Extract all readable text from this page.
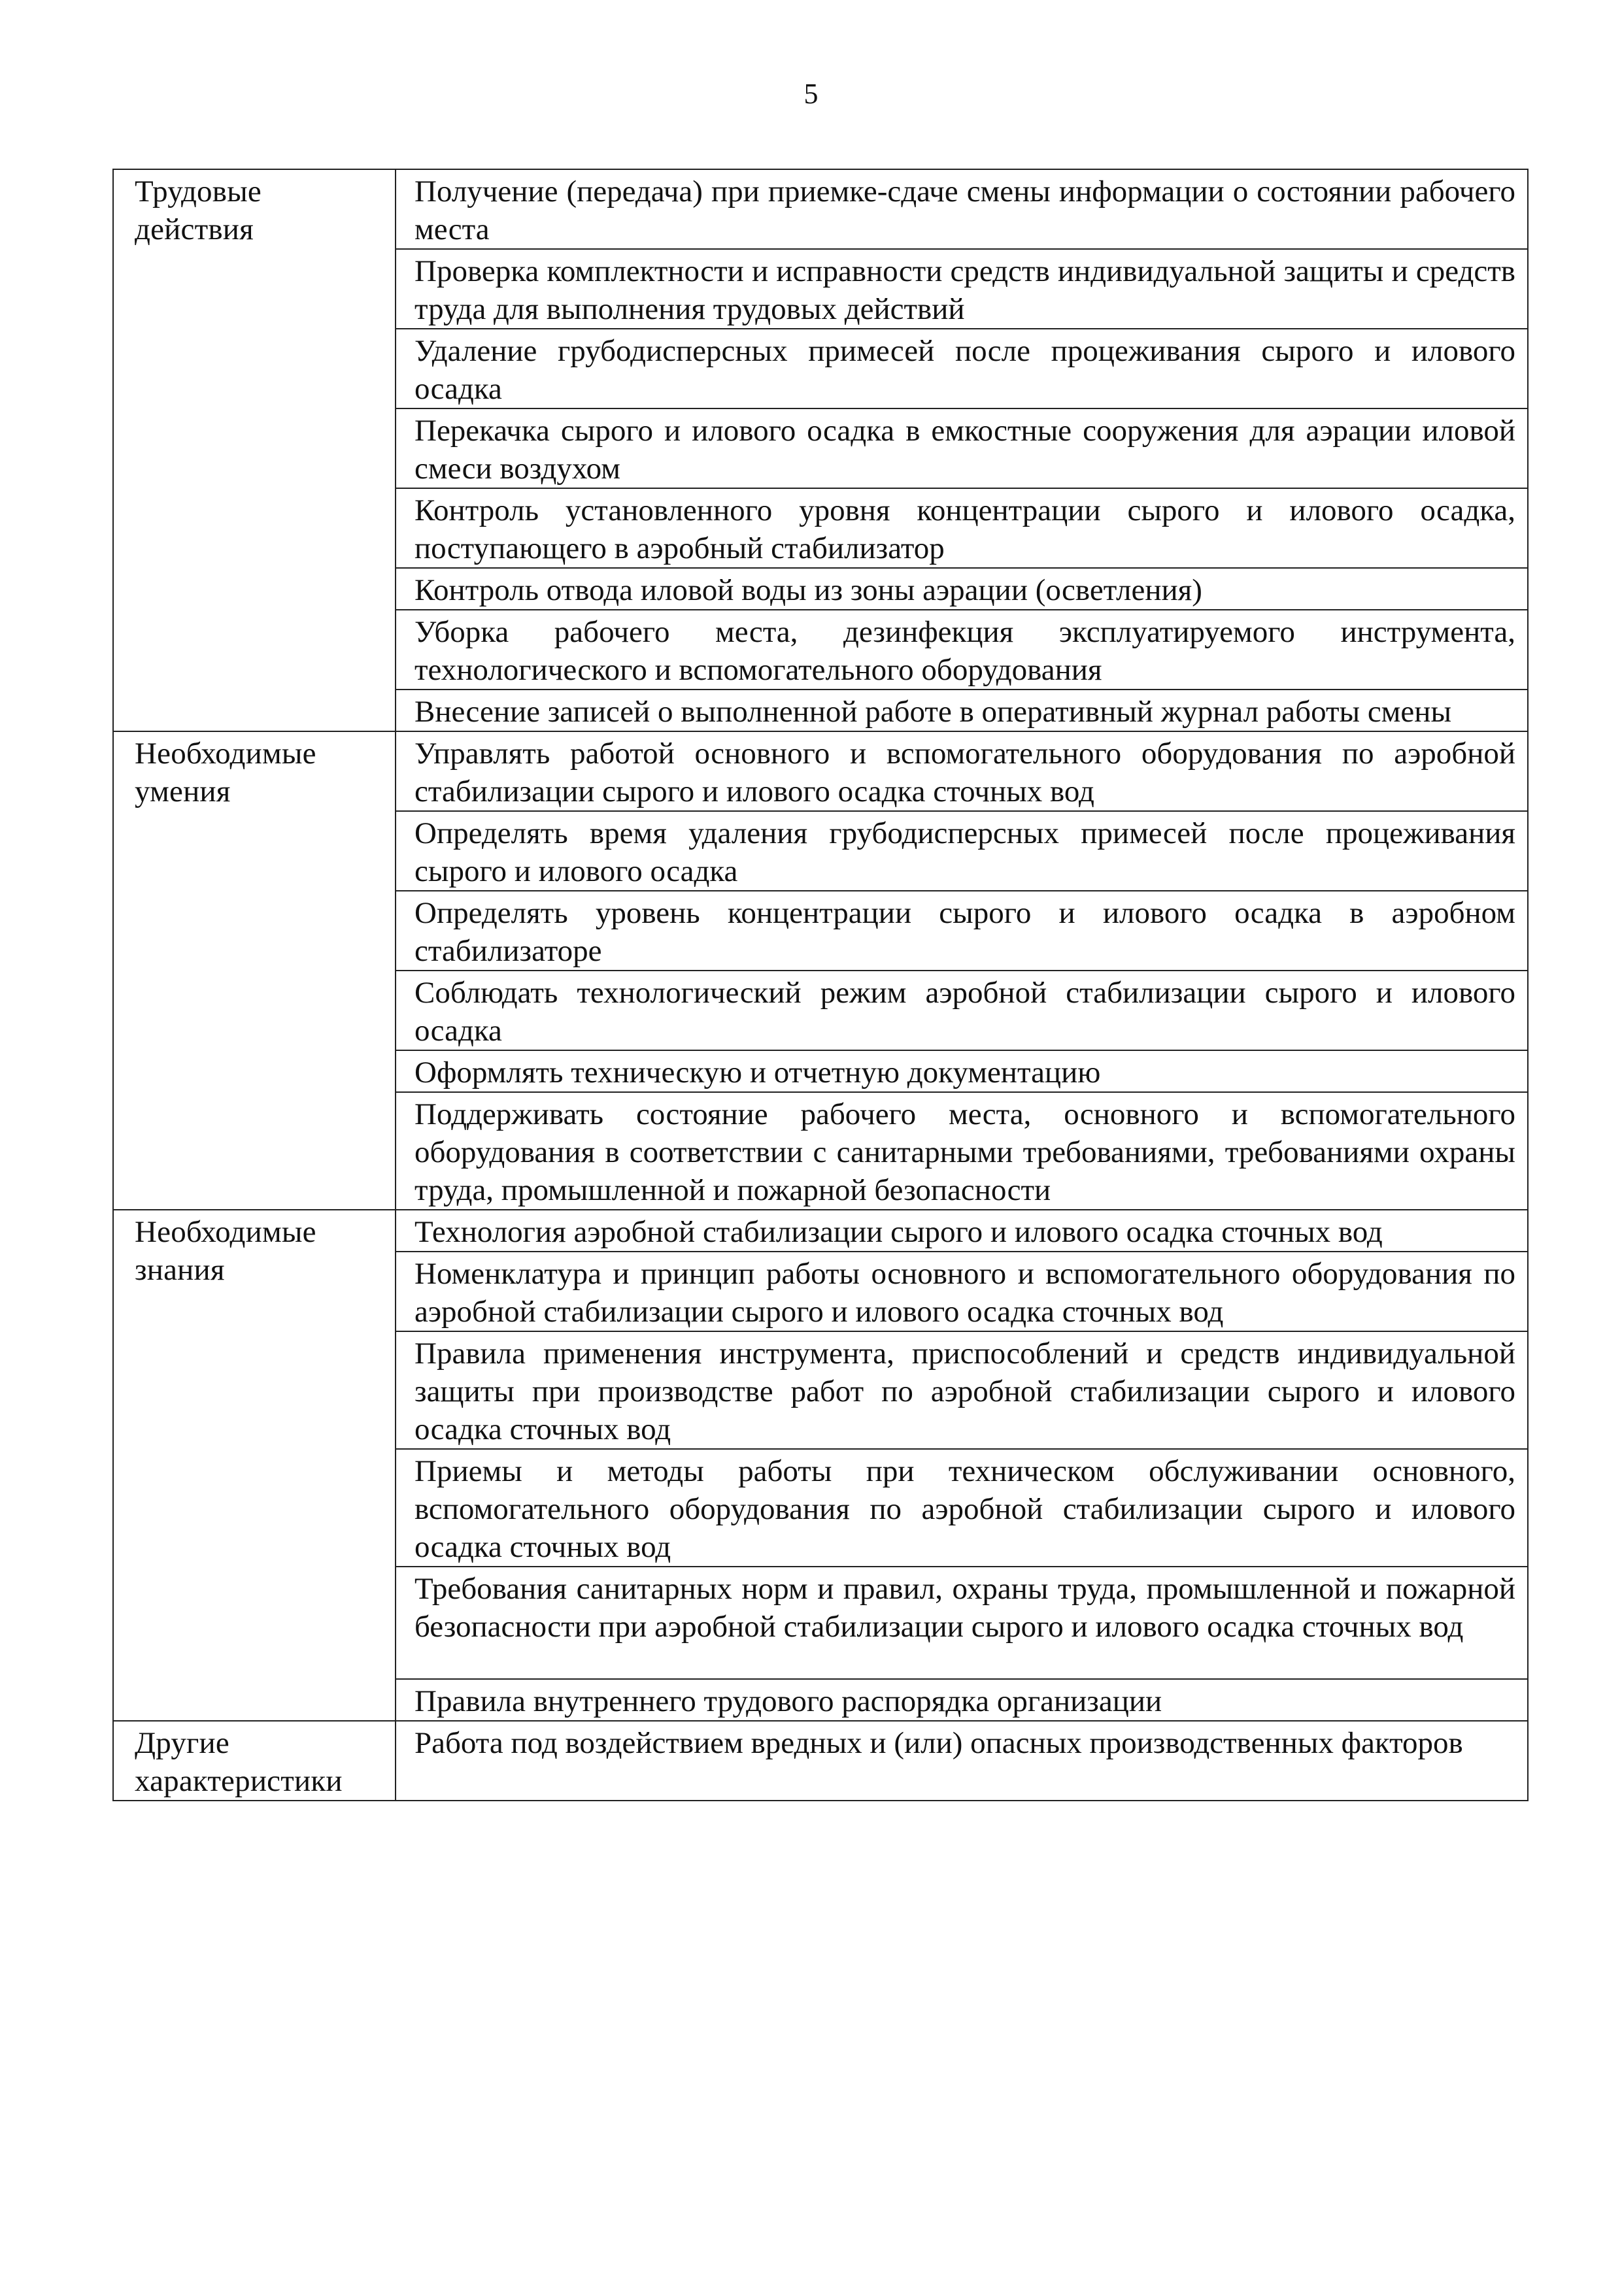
5
Трудовые
действия	Получение (передача) при приемке-сдаче смены информации о состоянии рабочего места
	Проверка комплектности и исправности средств индивидуальной защиты и средств труда для выполнения трудовых действий
	Удаление грубодисперсных примесей после процеживания сырого и илового осадка
	Перекачка сырого и илового осадка в емкостные сооружения для аэрации иловой смеси воздухом
	Контроль установленного уровня концентрации сырого и илового осадка, поступающего в аэробный стабилизатор
	Контроль отвода иловой воды из зоны аэрации (осветления)
	Уборка рабочего места, дезинфекция эксплуатируемого инструмента, технологического и вспомогательного оборудования
	Внесение записей о выполненной работе в оперативный журнал работы смены

Необходимые
умения	Управлять работой основного и вспомогательного оборудования по аэробной стабилизации сырого и илового осадка сточных вод
	Определять время удаления грубодисперсных примесей после процеживания сырого и илового осадка
	Определять уровень концентрации сырого и илового осадка в аэробном стабилизаторе
	Соблюдать технологический режим аэробной стабилизации сырого и илового осадка
	Оформлять техническую и отчетную документацию
	Поддерживать состояние рабочего места, основного и вспомогательного оборудования в соответствии с санитарными требованиями, требованиями охраны труда, промышленной и пожарной безопасности

Необходимые
знания	Технология аэробной стабилизации сырого и илового осадка сточных вод
	Номенклатура и принцип работы основного и вспомогательного оборудования по аэробной стабилизации сырого и илового осадка сточных вод
	Правила применения инструмента, приспособлений и средств индивидуальной защиты при производстве работ по аэробной стабилизации сырого и илового осадка сточных вод
	Приемы и методы работы при техническом обслуживании основного, вспомогательного оборудования по аэробной стабилизации сырого и илового осадка сточных вод
	Требования санитарных норм и правил, охраны труда, промышленной и пожарной безопасности при аэробной стабилизации сырого и илового осадка сточных вод
	Правила внутреннего трудового распорядка организации

Другие
характеристики	Работа под воздействием вредных и (или) опасных производственных факторов
